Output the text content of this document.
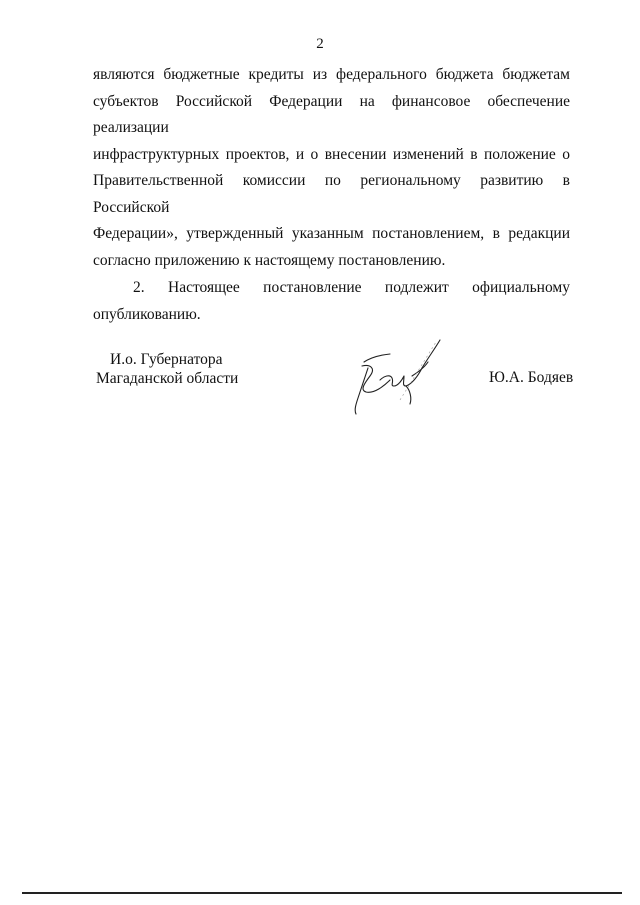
2
являются бюджетные кредиты из федерального бюджета бюджетам
субъектов Российской Федерации на финансовое обеспечение реализации
инфраструктурных проектов, и о внесении изменений в положение о
Правительственной комиссии по региональному развитию в Российской
Федерации», утвержденный указанным постановлением, в редакции
согласно приложению к настоящему постановлению.
2. Настоящее постановление подлежит официальному
опубликованию.
И.о. Губернатора
Магаданской области	Ю.А. Бодяев
